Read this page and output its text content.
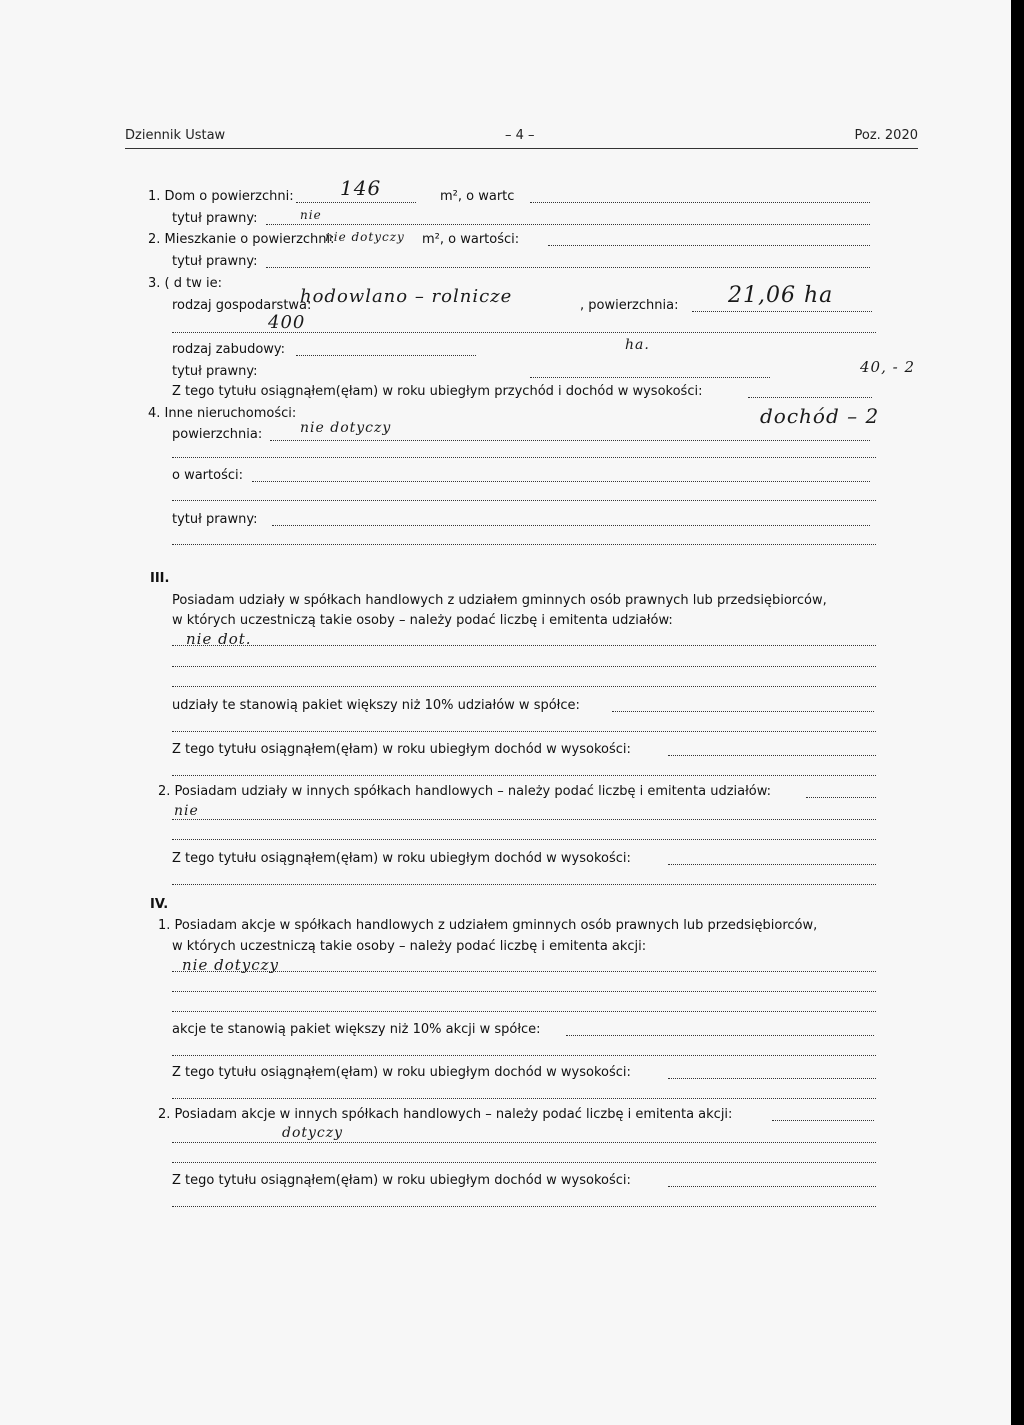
Dziennik Ustaw	– 4 –	Poz. 2020
1. Dom o powierzchni: 146	m², o wartc
tytuł prawny:	nie
2. Mieszkanie o powierzchni:
nie dotyczy m², o wartości:
tytuł prawny:
3. ( d tw ie:
rodzaj gospodarstwa:
hodowlano – rolnicze	, powierzchnia: 21,06 ha
400
rodzaj zabudowy:	ha.
tytuł prawny:	40, - 2
Z tego tytułu osiągnąłem(ęłam) w roku ubiegłym przychód i dochód w wysokości:
4. Inne nieruchomości:	dochód – 2
powierzchnia:	nie dotyczy
o wartości:
tytuł prawny:
III.
Posiadam udziały w spółkach handlowych z udziałem gminnych osób prawnych lub przedsiębiorców,
w których uczestniczą takie osoby – należy podać liczbę i emitenta udziałów:
nie dot.
udziały te stanowią pakiet większy niż 10% udziałów w spółce:
Z tego tytułu osiągnąłem(ęłam) w roku ubiegłym dochód w wysokości:
2. Posiadam udziały w innych spółkach handlowych – należy podać liczbę i emitenta udziałów:
nie
Z tego tytułu osiągnąłem(ęłam) w roku ubiegłym dochód w wysokości:
IV.
1. Posiadam akcje w spółkach handlowych z udziałem gminnych osób prawnych lub przedsiębiorców,
w których uczestniczą takie osoby – należy podać liczbę i emitenta akcji:
nie dotyczy
akcje te stanowią pakiet większy niż 10% akcji w spółce:
Z tego tytułu osiągnąłem(ęłam) w roku ubiegłym dochód w wysokości:
2. Posiadam akcje w innych spółkach handlowych – należy podać liczbę i emitenta akcji:
dotyczy
Z tego tytułu osiągnąłem(ęłam) w roku ubiegłym dochód w wysokości:
